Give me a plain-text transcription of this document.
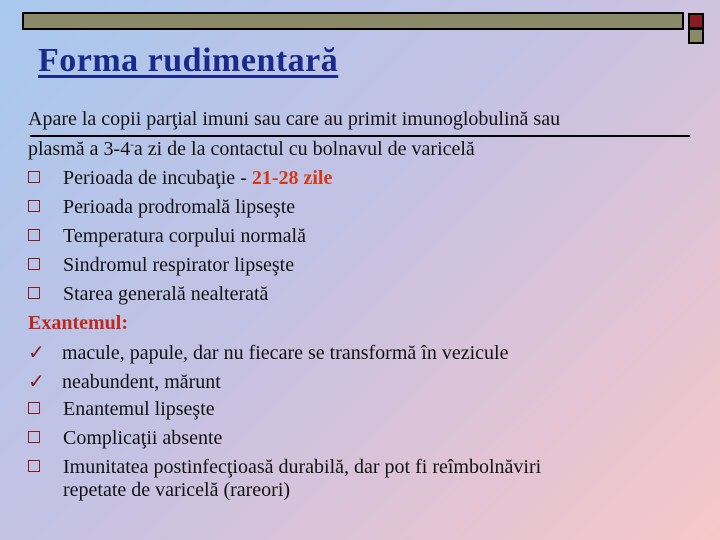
Forma rudimentară
Apare la copii parţial imuni sau care au primit imunoglobulină sau
plasmă a 3-4-a zi de la contactul cu bolnavul de varicelă
Perioada de incubaţie - 21-28 zile
Perioada prodromală lipseşte
Temperatura corpului normală
Sindromul respirator lipseşte
Starea generală nealterată
Exantemul:
✓ macule, papule, dar nu fiecare se transformă în vezicule
✓ neabundent, mărunt
Enantemul lipseşte
Complicaţii absente
Imunitatea postinfecţioasă durabilă, dar pot fi reîmbolnăviri
repetate de varicelă (rareori)
